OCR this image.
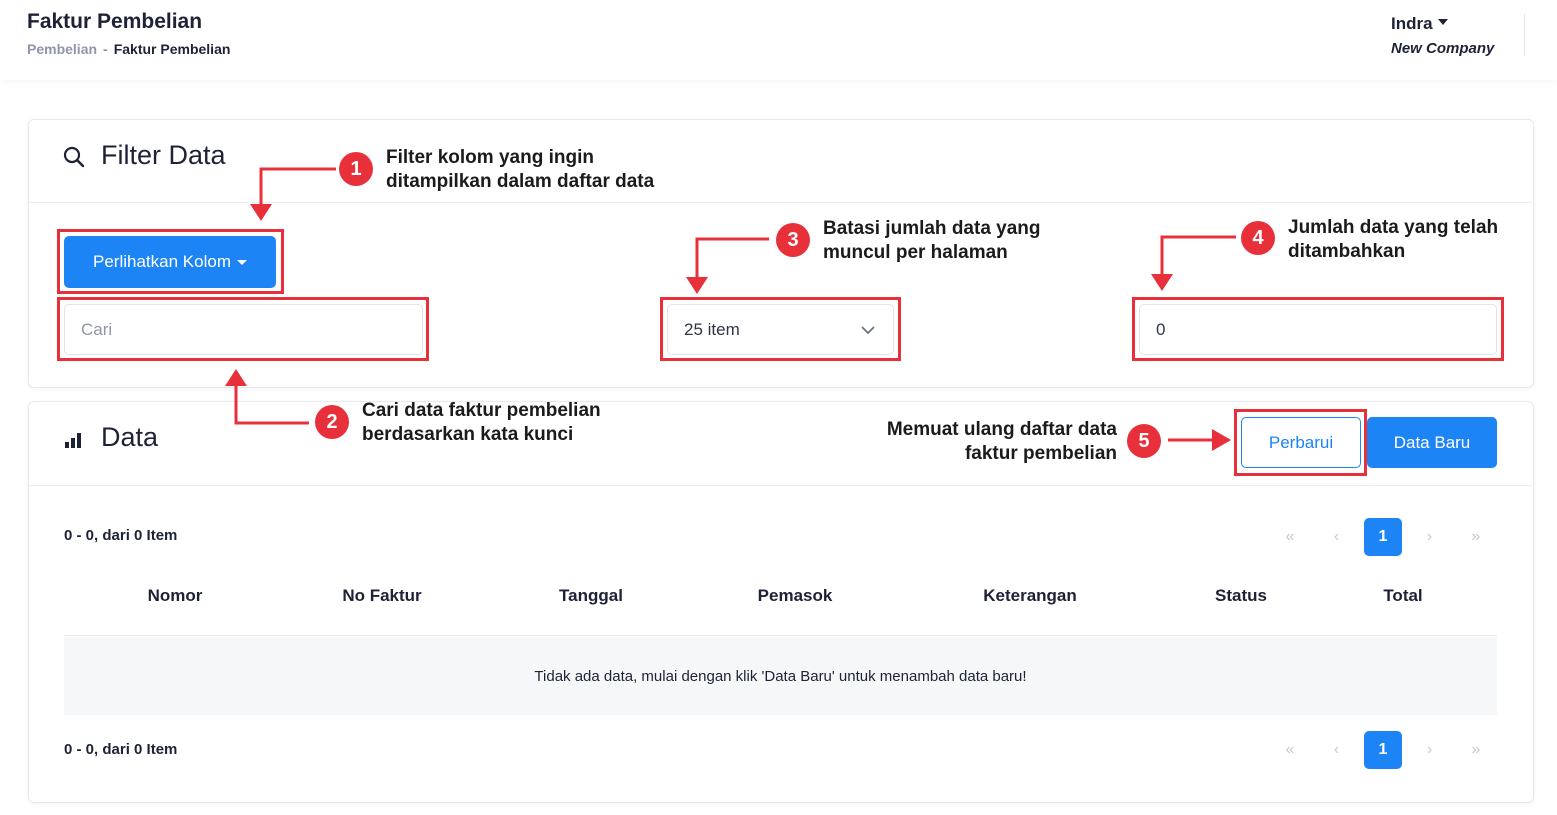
Faktur Pembelian
Pembelian - Faktur Pembelian
Indra
New Company
Filter Data
Perlihatkan Kolom
Cari	25 item	0
Data	Perbarui	Data Baru
0 - 0, dari 0 Item	«	‹	1	›	»
Nomor	No Faktur	Tanggal	Pemasok	Keterangan	Status	Total
Tidak ada data, mulai dengan klik 'Data Baru' untuk menambah data baru!
0 - 0, dari 0 Item	«	‹	1	›	»
1
2
3	4
5
Filter kolom yang ingin
ditampilkan dalam daftar data
Cari data faktur pembelian
berdasarkan kata kunci
Batasi jumlah data yang
muncul per halaman
Jumlah data yang telah
ditambahkan
Memuat ulang daftar data
faktur pembelian
